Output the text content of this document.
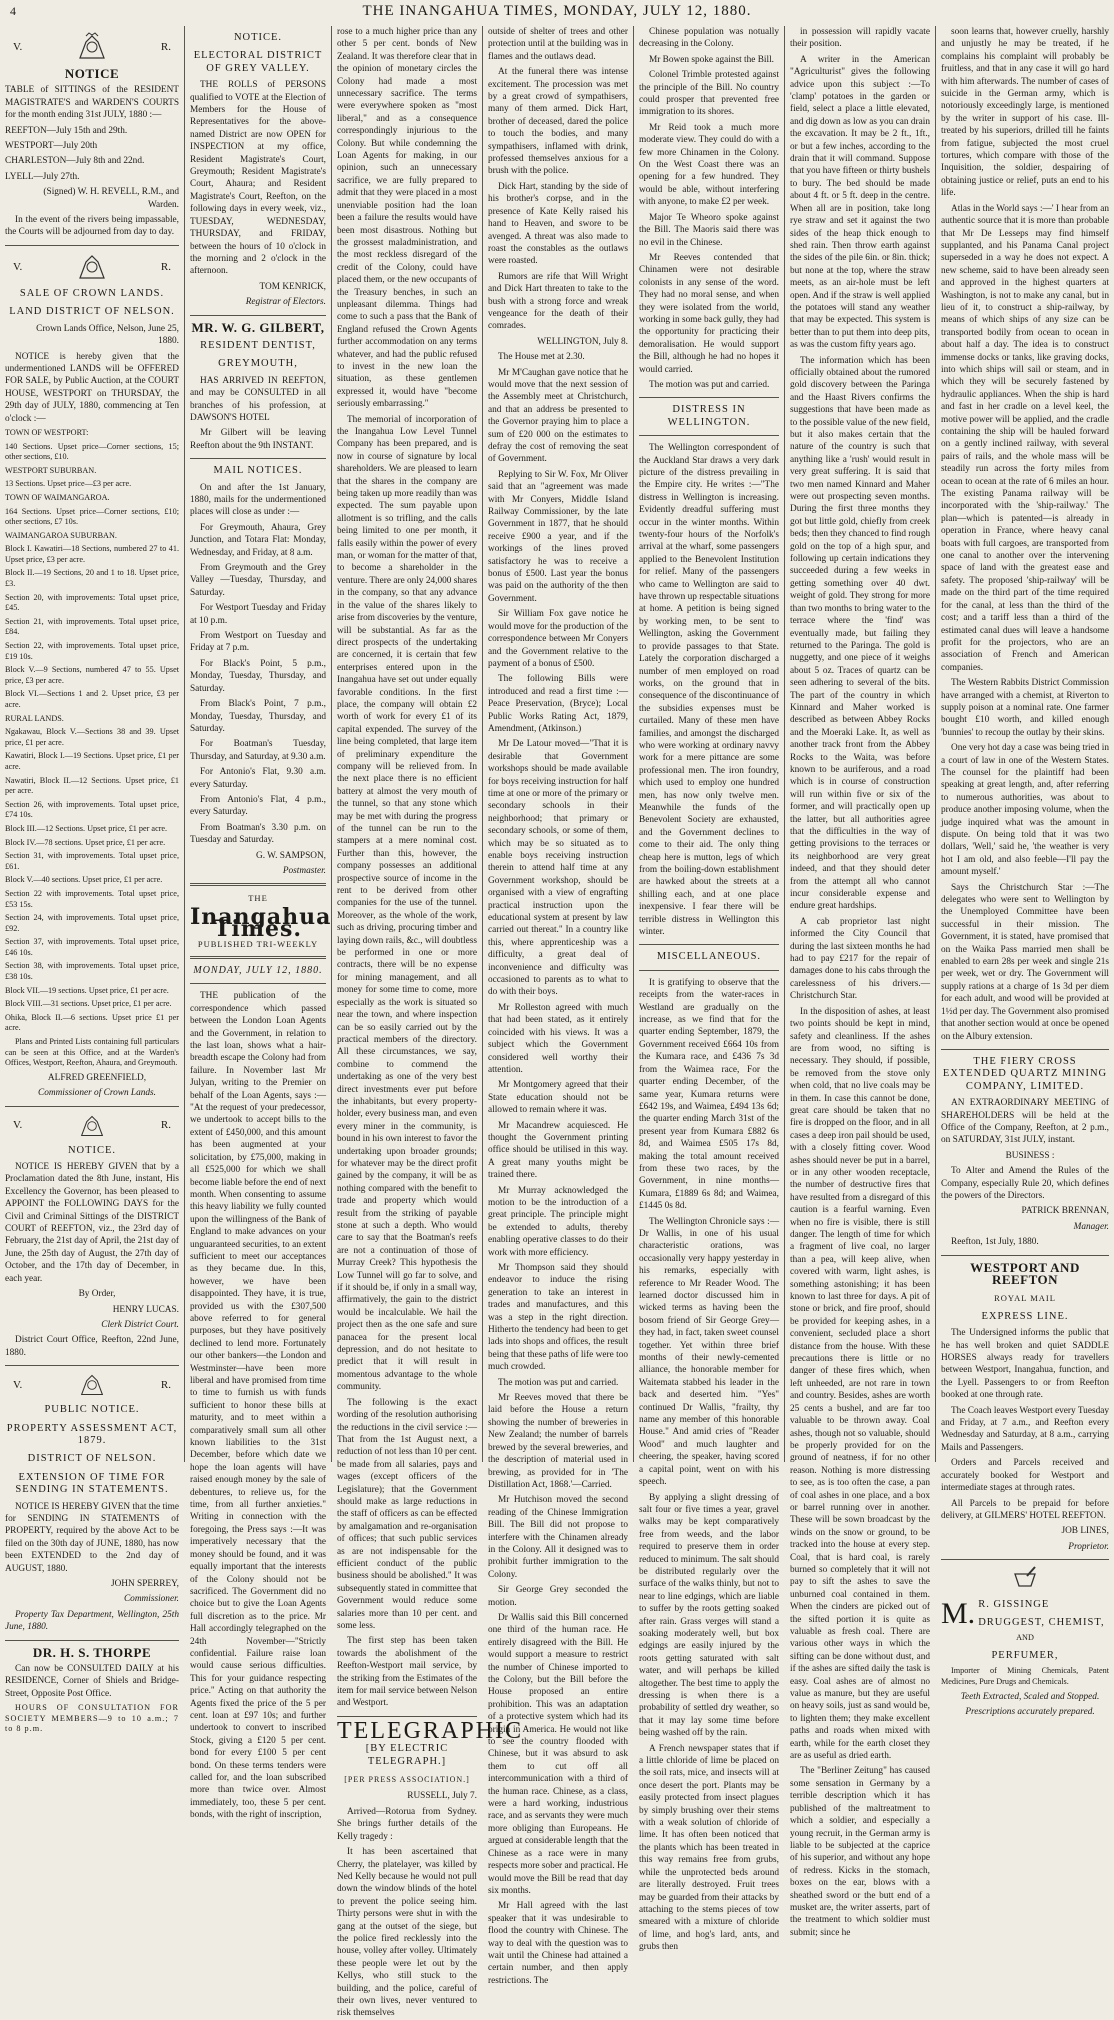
4	THE INANGAHUA TIMES, MONDAY, JULY 12, 1880.
V.	R.
NOTICE

TABLE of SITTINGS of the RESIDENT MAGISTRATE'S and WARDEN'S COURTS for the month ending 31st JULY, 1880 :—

REEFTON—July 15th and 29th.

WESTPORT—July 20th

CHARLESTON—July 8th and 22nd.

LYELL—July 27th.

(Signed) W. H. REVELL, R.M., and Warden.

In the event of the rivers being impassable, the Courts will be adjourned from day to day.

V.	R.
SALE OF CROWN LANDS.
LAND DISTRICT OF NELSON.

Crown Lands Office, Nelson, June 25, 1880.

NOTICE is hereby given that the undermentioned LANDS will be OFFERED FOR SALE, by Public Auction, at the COURT HOUSE, WESTPORT on THURSDAY, the 29th day of JULY, 1880, commencing at Ten o'clock :—

TOWN OF WESTPORT:

140 Sections. Upset price—Corner sections, 15; other sections, £10.

WESTPORT SUBURBAN.

13 Sections. Upset price—£3 per acre.

TOWN OF WAIMANGAROA.

164 Sections. Upset price—Corner sections, £10; other sections, £7 10s.

WAIMANGAROA SUBURBAN.

Block I. Kawatiri—18 Sections, numbered 27 to 41. Upset price, £3 per acre.

Block II.—19 Sections, 20 and 1 to 18. Upset price, £3.

Section 20, with improvements: Total upset price, £45.

Section 21, with improvements. Total upset price, £84.

Section 22, with improvements. Total upset price, £19 10s.

Block V.—9 Sections, numbered 47 to 55. Upset price, £3 per acre.

Block VI.—Sections 1 and 2. Upset price, £3 per acre.

RURAL LANDS.

Ngakawau, Block V.—Sections 38 and 39. Upset price, £1 per acre.

Kawatiri, Block I.—19 Sections. Upset price, £1 per acre.

Nawatiri, Block II.—12 Sections. Upset price, £1 per acre.

Section 26, with improvements. Total upset price, £74 10s.

Block III.—12 Sections. Upset price, £1 per acre.

Block IV.—78 sections. Upset price, £1 per acre.

Section 31, with improvements. Total upset price, £61.

Block V.—40 sections. Upset price, £1 per acre.

Section 22 with improvements. Total upset price, £53 15s.

Section 24, with improvements. Total upset price, £92.

Section 37, with improvements. Total upset price, £46 10s.

Section 38, with improvements. Total upset price, £38 10s.

Block VII.—19 sections. Upset price, £1 per acre.

Block VIII.—31 sections. Upset price, £1 per acre.

Ohika, Block II.—6 sections. Upset price £1 per acre.

Plans and Printed Lists containing full particulars can be seen at this Office, and at the Warden's Offices, Westport, Reefton, Ahaura, and Greymouth.

ALFRED GREENFIELD,

Commissioner of Crown Lands.

V.	R.
NOTICE.

NOTICE IS HEREBY GIVEN that by a Proclamation dated the 8th June, instant, His Excellency the Governor, has been pleased to APPOINT the FOLLOWING DAYS for the Civil and Criminal Sittings of the DISTRICT COURT of REEFTON, viz., the 23rd day of February, the 21st day of April, the 21st day of June, the 25th day of August, the 27th day of October, and the 17th day of December, in each year.

By Order,

HENRY LUCAS.

Clerk District Court.

District Court Office, Reefton, 22nd June, 1880.

V.	R.
PUBLIC NOTICE.
PROPERTY ASSESSMENT ACT, 1879.
DISTRICT OF NELSON.
EXTENSION OF TIME FOR SENDING IN STATEMENTS.

NOTICE IS HEREBY GIVEN that the time for SENDING IN STATEMENTS of PROPERTY, required by the above Act to be filed on the 30th day of JUNE, 1880, has now been EXTENDED to the 2nd day of AUGUST, 1880.

JOHN SPERREY,

Commissioner.

Property Tax Department, Wellington, 25th June, 1880.

DR. H. S. THORPE

Can now be CONSULTED DAILY at his RESIDENCE, Corner of Shiels and Bridge-Street, Opposite Post Office.

HOURS OF CONSULTATION FOR SOCIETY MEMBERS—9 to 10 a.m.; 7 to 8 p.m.

NOTICE.
ELECTORAL DISTRICT OF GREY VALLEY.

THE ROLLS of PERSONS qualified to VOTE at the Election of Members for the House of Representatives for the above-named District are now OPEN for INSPECTION at my office, Resident Magistrate's Court, Greymouth; Resident Magistrate's Court, Ahaura; and Resident Magistrate's Court, Reefton, on the following days in every week, viz., TUESDAY, WEDNESDAY, THURSDAY, and FRIDAY, between the hours of 10 o'clock in the morning and 2 o'clock in the afternoon.

TOM KENRICK,

Registrar of Electors.

MR. W. G. GILBERT,
RESIDENT DENTIST,
GREYMOUTH,

HAS ARRIVED IN REEFTON, and may be CONSULTED in all branches of his profession, at DAWSON'S HOTEL

Mr Gilbert will be leaving Reefton about the 9th INSTANT.

MAIL NOTICES.

On and after the 1st January, 1880, mails for the undermentioned places will close as under :—

For Greymouth, Ahaura, Grey Junction, and Totara Flat: Monday, Wednesday, and Friday, at 8 a.m.

From Greymouth and the Grey Valley —Tuesday, Thursday, and Saturday.

For Westport Tuesday and Friday at 10 p.m.

From Westport on Tuesday and Friday at 7 p.m.

For Black's Point, 5 p.m., Monday, Tuesday, Thursday, and Saturday.

From Black's Point, 7 p.m., Monday, Tuesday, Thursday, and Saturday.

For Boatman's Tuesday, Thursday, and Saturday, at 9.30 a.m.

For Antonio's Flat, 9.30 a.m. every Saturday.

From Antonio's Flat, 4 p.m., every Saturday.

From Boatman's 3.30 p.m. on Tuesday and Saturday.

G. W. SAMPSON,

Postmaster.

THE
Inangahua Times.
PUBLISHED TRI-WEEKLY
MONDAY, JULY 12, 1880.

THE publication of the correspondence which passed between the London Loan Agents and the Government, in relation to the last loan, shows what a hair-breadth escape the Colony had from failure. In November last Mr Julyan, writing to the Premier on behalf of the Loan Agents, says :— "At the request of your predecessor, we undertook to accept bills to the extent of £450,000, and this amount has been augmented at your solicitation, by £75,000, making in all £525,000 for which we shall become liable before the end of next month. When consenting to assume this heavy liability we fully counted upon the willingness of the Bank of England to make advances on your unguaranteed securities, to an extent sufficient to meet our acceptances as they became due. In this, however, we have been disappointed. They have, it is true, provided us with the £307,500 above referred to for general purposes, but they have positively declined to lend more. Fortunately our other bankers—the London and Westminster—have been more liberal and have promised from time to time to furnish us with funds sufficient to honor these bills at maturity, and to meet within a comparatively small sum all other known liabilities to the 31st December, before which date we hope the loan agents will have raised enough money by the sale of debentures, to relieve us, for the time, from all further anxieties." Writing in connection with the foregoing, the Press says :—It was imperatively necessary that the money should be found, and it was equally important that the interests of the Colony should not be sacrificed. The Government did no choice but to give the Loan Agents full discretion as to the price. Mr Hall accordingly telegraphed on the 24th November—"Strictly confidential. Failure raise loan would cause serious difficulties. This for your guidance respecting price." Acting on that authority the Agents fixed the price of the 5 per cent. loan at £97 10s; and further undertook to convert to inscribed Stock, giving a £120 5 per cent. bond for every £100 5 per cent bond. On these terms tenders were called for, and the loan subscribed more than twice over. Almost immediately, too, these 5 per cent. bonds, with the right of inscription,

rose to a much higher price than any other 5 per cent. bonds of New Zealand. It was therefore clear that in the opinion of monetary circles the Colony had made a most unnecessary sacrifice. The terms were everywhere spoken as "most liberal," and as a consequence correspondingly injurious to the Colony. But while condemning the Loan Agents for making, in our opinion, such an unnecessary sacrifice, we are fully prepared to admit that they were placed in a most unenviable position had the loan been a failure the results would have been most disastrous. Nothing but the grossest maladministration, and the most reckless disregard of the credit of the Colony, could have placed them, or the new occupants of the Treasury benches, in such an unpleasant dilemma. Things had come to such a pass that the Bank of England refused the Crown Agents further accommodation on any terms whatever, and had the public refused to invest in the new loan the situation, as these gentlemen expressed it, would have "become seriously embarrassing."

The memorial of incorporation of the Inangahua Low Level Tunnel Company has been prepared, and is now in course of signature by local shareholders. We are pleased to learn that the shares in the company are being taken up more readily than was expected. The sum payable upon allotment is so trifling, and the calls being limited to one per month, it falls easily within the power of every man, or woman for the matter of that, to become a shareholder in the venture. There are only 24,000 shares in the company, so that any advance in the value of the shares likely to arise from discoveries by the venture, will be substantial. As far as the direct prospects of the undertaking are concerned, it is certain that few enterprises entered upon in the Inangahua have set out under equally favorable conditions. In the first place, the company will obtain £2 worth of work for every £1 of its capital expended. The survey of the line being completed, that large item of preliminary expenditure the company will be relieved from. In the next place there is no efficient battery at almost the very mouth of the tunnel, so that any stone which may be met with during the progress of the tunnel can be run to the stampers at a mere nominal cost. Further than this, however, the company possesses an additional prospective source of income in the rent to be derived from other companies for the use of the tunnel. Moreover, as the whole of the work, such as driving, procuring timber and laying down rails, &c., will doubtless be performed in one or more contracts, there will be no expense for mining management, and all money for some time to come, more especially as the work is situated so near the town, and where inspection can be so easily carried out by the practical members of the directory. All these circumstances, we say, combine to commend the undertaking as one of the very best direct investments ever put before the inhabitants, but every property-holder, every business man, and even every miner in the community, is bound in his own interest to favor the undertaking upon broader grounds; for whatever may be the direct profit gained by the company, it will be as nothing compared with the benefit to trade and property which would result from the striking of payable stone at such a depth. Who would care to say that the Boatman's reefs are not a continuation of those of Murray Creek? This hypothesis the Low Tunnel will go far to solve, and if it should be, if only in a small way, affirmatively, the gain to the district would be incalculable. We hail the project then as the one safe and sure panacea for the present local depression, and do not hesitate to predict that it will result in momentous advantage to the whole community.

The following is the exact wording of the resolution authorising the reductions in the civil service :—That from the 1st August next, a reduction of not less than 10 per cent. be made from all salaries, pays and wages (except officers of the Legislature); that the Government should make as large reductions in the staff of officers as can be effected by amalgamation and re-organisation of offices; that such public services as are not indispensable for the efficient conduct of the public business should be abolished." It was subsequently stated in committee that Government would reduce some salaries more than 10 per cent. and some less.

The first step has been taken towards the abolishment of the Reefton-Westport mail service, by the striking from the Estimates of the item for mail service between Nelson and Westport.

TELEGRAPHIC
[BY ELECTRIC TELEGRAPH.]
[PER PRESS ASSOCIATION.]

RUSSELL, July 7.

Arrived—Rotorua from Sydney. She brings further details of the Kelly tragedy :

It has been ascertained that Cherry, the platelayer, was killed by Ned Kelly because he would not pull down the window blinds of the hotel to prevent the police seeing him. Thirty persons were shut in with the gang at the outset of the siege, but the police fired recklessly into the house, volley after volley. Ultimately these people were let out by the Kellys, who still stuck to the building, and the police, careful of their own lives, never ventured to risk themselves

outside of shelter of trees and other protection until at the building was in flames and the outlaws dead.

At the funeral there was intense excitement. The procession was met by a great crowd of sympathisers, many of them armed. Dick Hart, brother of deceased, dared the police to touch the bodies, and many sympathisers, inflamed with drink, professed themselves anxious for a brush with the police.

Dick Hart, standing by the side of his brother's corpse, and in the presence of Kate Kelly raised his hand to Heaven, and swore to be avenged. A threat was also made to roast the constables as the outlaws were roasted.

Rumors are rife that Will Wright and Dick Hart threaten to take to the bush with a strong force and wreak vengeance for the death of their comrades.

WELLINGTON, July 8.

The House met at 2.30.

Mr M'Caughan gave notice that he would move that the next session of the Assembly meet at Christchurch, and that an address be presented to the Governor praying him to place a sum of £20 000 on the estimates to defray the cost of removing the seat of Government.

Replying to Sir W. Fox, Mr Oliver said that an "agreement was made with Mr Conyers, Middle Island Railway Commissioner, by the late Government in 1877, that he should receive £900 a year, and if the workings of the lines proved satisfactory he was to receive a bonus of £500. Last year the bonus was paid on the authority of the then Government.

Sir William Fox gave notice he would move for the production of the correspondence between Mr Conyers and the Government relative to the payment of a bonus of £500.

The following Bills were introduced and read a first time :—Peace Preservation, (Bryce); Local Public Works Rating Act, 1879, Amendment, (Atkinson.)

Mr De Latour moved—"That it is desirable that Government workshops should be made available for boys receiving instruction for half time at one or more of the primary or secondary schools in their neighborhood; that primary or secondary schools, or some of them, which may be so situated as to enable boys receiving instruction therein to attend half time at any Government workshop, should be organised with a view of engrafting practical instruction upon the educational system at present by law carried out thereat." In a country like this, where apprenticeship was a difficulty, a great deal of inconvenience and difficulty was occasioned to parents as to what to do with their boys.

Mr Rolleston agreed with much that had been stated, as it entirely coincided with his views. It was a subject which the Government considered well worthy their attention.

Mr Montgomery agreed that their State education should not be allowed to remain where it was.

Mr Macandrew acquiesced. He thought the Government printing office should be utilised in this way. A great many youths might be trained there.

Mr Murray acknowledged the motion to be the introduction of a great principle. The principle might be extended to adults, thereby enabling operative classes to do their work with more efficiency.

Mr Thompson said they should endeavor to induce the rising generation to take an interest in trades and manufactures, and this was a step in the right direction. Hitherto the tendency had been to get lads into shops and offices, the result being that these paths of life were too much crowded.

The motion was put and carried.

Mr Reeves moved that there be laid before the House a return showing the number of breweries in New Zealand; the number of barrels brewed by the several breweries, and the description of material used in brewing, as provided for in 'The Distillation Act, 1868.'—Carried.

Mr Hutchison moved the second reading of the Chinese Immigration Bill. The Bill did not propose to interfere with the Chinamen already in the Colony. All it designed was to prohibit further immigration to the Colony.

Sir George Grey seconded the motion.

Dr Wallis said this Bill concerned one third of the human race. He entirely disagreed with the Bill. He would support a measure to restrict the number of Chinese imported to the Colony, but the Bill before the House proposed an entire prohibition. This was an adaptation of a protective system which had its origin in America. He would not like to see the country flooded with Chinese, but it was absurd to ask them to cut off all intercommunication with a third of the human race. Chinese, as a class, were a hard working, industrious race, and as servants they were much more obliging than Europeans. He argued at considerable length that the Chinese as a race were in many respects more sober and practical. He would move the Bill be read that day six months.

Mr Hall agreed with the last speaker that it was undesirable to flood the country with Chinese. The way to deal with the question was to wait until the Chinese had attained a certain number, and then apply restrictions. The

Chinese population was notually decreasing in the Colony.

Mr Bowen spoke against the Bill.

Colonel Trimble protested against the principle of the Bill. No country could prosper that prevented free immigration to its shores.

Mr Reid took a much more moderate view. They could do with a few more Chinamen in the Colony. On the West Coast there was an opening for a few hundred. They would be able, without interfering with anyone, to make £2 per week.

Major Te Wheoro spoke against the Bill. The Maoris said there was no evil in the Chinese.

Mr Reeves contended that Chinamen were not desirable colonists in any sense of the word. They had no moral sense, and when they were isolated from the world, working in some back gully, they had the opportunity for practicing their demoralisation. He would support the Bill, although he had no hopes it would carried.

The motion was put and carried.

DISTRESS IN WELLINGTON.

The Wellington correspondent of the Auckland Star draws a very dark picture of the distress prevailing in the Empire city. He writes :—"The distress in Wellington is increasing. Evidently dreadful suffering must occur in the winter months. Within twenty-four hours of the Norfolk's arrival at the wharf, some passengers applied to the Benevolent Institution for relief. Many of the passengers who came to Wellington are said to have thrown up respectable situations at home. A petition is being signed by working men, to be sent to Wellington, asking the Government to provide passages to that State. Lately the corporation discharged a number of men employed on road works, on the ground that in consequence of the discontinuance of the subsidies expenses must be curtailed. Many of these men have families, and amongst the discharged who were working at ordinary navvy work for a mere pittance are some professional men. The iron foundry, which used to employ one hundred men, has now only twelve men. Meanwhile the funds of the Benevolent Society are exhausted, and the Government declines to come to their aid. The only thing cheap here is mutton, legs of which from the boiling-down establishment are hawked about the streets at a shilling each, and at one place inexpensive. I fear there will be terrible distress in Wellington this winter.

MISCELLANEOUS.

It is gratifying to observe that the receipts from the water-races in Westland are gradually on the increase, as we find that for the quarter ending September, 1879, the Government received £664 10s from the Kumara race, and £436 7s 3d from the Waimea race, For the quarter ending December, of the same year, Kumara returns were £642 19s, and Waimea, £494 13s 6d; the quarter ending March 31st of the present year from Kumara £882 6s 8d, and Waimea £505 17s 8d, making the total amount received from these two races, by the Government, in nine months—Kumara, £1889 6s 8d; and Waimea, £1445 0s 8d.

The Wellington Chronicle says :—Dr Wallis, in one of his usual characteristic orations, was occasionally very happy yesterday in his remarks, especially with reference to Mr Reader Wood. The learned doctor discussed him in wicked terms as having been the bosom friend of Sir George Grey—they had, in fact, taken sweet counsel together. Yet within three brief months of their newly-cemented alliance, the honorable member for Waitemata stabbed his leader in the back and deserted him. "Yes" continued Dr Wallis, "frailty, thy name any member of this honorable House." And amid cries of "Reader Wood" and much laughter and cheering, the speaker, having scored a capital point, went on with his speech.

By applying a slight dressing of salt four or five times a year, gravel walks may be kept comparatively free from weeds, and the labor required to preserve them in order reduced to minimum. The salt should be distributed regularly over the surface of the walks thinly, but not to near to line edgings, which are liable to suffer by the roots getting soaked after rain. Grass verges will stand a soaking moderately well, but box edgings are easily injured by the roots getting saturated with salt water, and will perhaps be killed altogether. The best time to apply the dressing is when there is a probability of settled dry weather, so that it may lay some time before being washed off by the rain.

A French newspaper states that if a little chloride of lime be placed on the soil rats, mice, and insects will at once desert the port. Plants may be easily protected from insect plagues by simply brushing over their stems with a weak solution of chloride of lime. It has often been noticed that the plants which has been treated in this way remains free from grubs, while the unprotected beds around are literally destroyed. Fruit trees may be guarded from their attacks by attaching to the stems pieces of tow smeared with a mixture of chloride of lime, and hog's lard, ants, and grubs then

in possession will rapidly vacate their position.

A writer in the American "Agriculturist" gives the following advice upon this subject :—To 'clamp' potatoes in the garden or field, select a place a little elevated, and dig down as low as you can drain the excavation. It may be 2 ft., 1ft., or but a few inches, according to the drain that it will command. Suppose that you have fifteen or thirty bushels to bury. The bed should be made about 4 ft. or 5 ft. deep in the centre. When all are in position, take long rye straw and set it against the two sides of the heap thick enough to shed rain. Then throw earth against the sides of the pile 6in. or 8in. thick; but none at the top, where the straw meets, as an air-hole must be left open. And if the straw is well applied the potatoes will stand any weather that may be expected. This system is better than to put them into deep pits, as was the custom fifty years ago.

The information which has been officially obtained about the rumored gold discovery between the Paringa and the Haast Rivers confirms the suggestions that have been made as to the possible value of the new field, but it also makes certain that the nature of the country is such that anything like a 'rush' would result in very great suffering. It is said that two men named Kinnard and Maher were out prospecting seven months. During the first three months they got but little gold, chiefly from creek beds; then they chanced to find rough gold on the top of a high spur, and following up certain indications they succeeded during a few weeks in getting something over 40 dwt. weight of gold. They strong for more than two months to bring water to the terrace where the 'find' was eventually made, but failing they returned to the Paringa. The gold is nuggetty, and one piece of it weighs about 5 oz. Traces of quartz can be seen adhering to several of the bits. The part of the country in which Kinnard and Maher worked is described as between Abbey Rocks and the Moeraki Lake. It, as well as another track front from the Abbey Rocks to the Waita, was before known to be auriferous, and a road which is in course of construction will run within five or six of the former, and will practically open up the latter, but all authorities agree that the difficulties in the way of getting provisions to the terraces or its neighborhood are very great indeed, and that they should deter from the attempt all who cannot incur considerable expense and endure great hardships.

A cab proprietor last night informed the City Council that during the last sixteen months he had had to pay £217 for the repair of damages done to his cabs through the carelessness of his drivers.—Christchurch Star.

In the disposition of ashes, at least two points should be kept in mind, safety and cleanliness. If the ashes are from wood, no sifting is necessary. They should, if possible, be removed from the stove only when cold, that no live coals may be in them. In case this cannot be done, great care should be taken that no fire is dropped on the floor, and in all cases a deep iron pail should be used, with a closely fitting cover. Wood ashes should never be put in a barrel, or in any other wooden receptacle, the number of destructive fires that have resulted from a disregard of this caution is a fearful warning. Even when no fire is visible, there is still danger. The length of time for which a fragment of live coal, no larger than a pea, will keep alive, when covered with warm, light ashes, is something astonishing; it has been known to last three for days. A pit of stone or brick, and fire proof, should be provided for keeping ashes, in a convenient, secluded place a short distance from the house. With these precautions there is little or no danger of these fires which, when left unheeded, are not rare in town and country. Besides, ashes are worth 25 cents a bushel, and are far too valuable to be thrown away. Coal ashes, though not so valuable, should be properly provided for on the ground of neatness, if for no other reason. Nothing is more distressing to see, as is too often the case, a pan of coal ashes in one place, and a box or barrel running over in another. These will be sown broadcast by the winds on the snow or ground, to be tracked into the house at every step. Coal, that is hard coal, is rarely burned so completely that it will not pay to sift the ashes to save the unburned coal contained in them. When the cinders are picked out of the sifted portion it is quite as valuable as fresh coal. There are various other ways in which the sifting can be done without dust, and if the ashes are sifted daily the task is easy. Coal ashes are of almost no value as manure, but they are useful on heavy soils, just as sand would be, to lighten them; they make excellent paths and roads when mixed with earth, while for the earth closet they are as useful as dried earth.

The "Berliner Zeitung" has caused some sensation in Germany by a terrible description which it has published of the maltreatment to which a soldier, and especially a young recruit, in the German army is liable to be subjected at the caprice of his superior, and without any hope of redress. Kicks in the stomach, boxes on the ear, blows with a sheathed sword or the butt end of a musket are, the writer asserts, part of the treatment to which soldier must submit; since he

soon learns that, however cruelly, harshly and unjustly he may be treated, if he complains his complaint will probably be fruitless, and that in any case it will go hard with him afterwards. The number of cases of suicide in the German army, which is notoriously exceedingly large, is mentioned by the writer in support of his case. Ill-treated by his superiors, drilled till he faints from fatigue, subjected the most cruel tortures, which compare with those of the Inquisition, the soldier, despairing of obtaining justice or relief, puts an end to his life.

Atlas in the World says :—' I hear from an authentic source that it is more than probable that Mr De Lesseps may find himself supplanted, and his Panama Canal project superseded in a way he does not expect. A new scheme, said to have been already seen and approved in the highest quarters at Washington, is not to make any canal, but in lieu of it, to construct a ship-railway, by means of which ships of any size can be transported bodily from ocean to ocean in about half a day. The idea is to construct immense docks or tanks, like graving docks, into which ships will sail or steam, and in which they will be securely fastened by hydraulic appliances. When the ship is hard and fast in her cradle on a level keel, the motive power will be applied, and the cradle containing the ship will be hauled forward on a gently inclined railway, with several pairs of rails, and the whole mass will be steadily run across the forty miles from ocean to ocean at the rate of 6 miles an hour. The existing Panama railway will be incorporated with the 'ship-railway.' The plan—which is patented—is already in operation in France, where heavy canal boats with full cargoes, are transported from one canal to another over the intervening space of land with the greatest ease and safety. The proposed 'ship-railway' will be made on the third part of the time required for the canal, at less than the third of the cost; and a tariff less than a third of the estimated canal dues will leave a handsome profit for the projectors, who are an association of French and American companies.

The Western Rabbits District Commission have arranged with a chemist, at Riverton to supply poison at a nominal rate. One farmer bought £10 worth, and killed enough 'bunnies' to recoup the outlay by their skins.

One very hot day a case was being tried in a court of law in one of the Western States. The counsel for the plaintiff had been speaking at great length, and, after referring to numerous authorities, was about to produce another imposing volume, when the judge inquired what was the amount in dispute. On being told that it was two dollars, 'Well,' said he, 'the weather is very hot I am old, and also feeble—I'll pay the amount myself.'

Says the Christchurch Star :—The delegates who were sent to Wellington by the Unemployed Committee have been successful in their mission. The Government, it is stated, have promised that on the Waika Pass married men shall be enabled to earn 28s per week and single 21s per week, wet or dry. The Government will supply rations at a charge of 1s 3d per diem for each adult, and wood will be provided at 1½d per day. The Government also promised that another section would at once be opened on the Albury extension.

THE FIERY CROSS EXTENDED QUARTZ MINING COMPANY, LIMITED.

AN EXTRAORDINARY MEETING of SHAREHOLDERS will be held at the Office of the Company, Reefton, at 2 p.m., on SATURDAY, 31st JULY, instant.

BUSINESS :

To Alter and Amend the Rules of the Company, especially Rule 20, which defines the powers of the Directors.

PATRICK BRENNAN,

Manager.

Reefton, 1st July, 1880.

WESTPORT AND REEFTON
ROYAL MAIL
EXPRESS LINE.

The Undersigned informs the public that he has well broken and quiet SADDLE HORSES always ready for travellers between Westport, Inangahua, function, and the Lyell. Passengers to or from Reefton booked at one through rate.

The Coach leaves Westport every Tuesday and Friday, at 7 a.m., and Reefton every Wednesday and Saturday, at 8 a.m., carrying Mails and Passengers.

Orders and Parcels received and accurately booked for Westport and intermediate stages at through rates.

All Parcels to be prepaid for before delivery, at GILMERS' HOTEL REEFTON.

JOB LINES,

Proprietor.

M. R. GISSINGE
DRUGGEST, CHEMIST,
AND
PERFUMER,

Importer of Mining Chemicals, Patent Medicines, Pure Drugs and Chemicals.

Teeth Extracted, Scaled and Stopped.

Prescriptions accurately prepared.
